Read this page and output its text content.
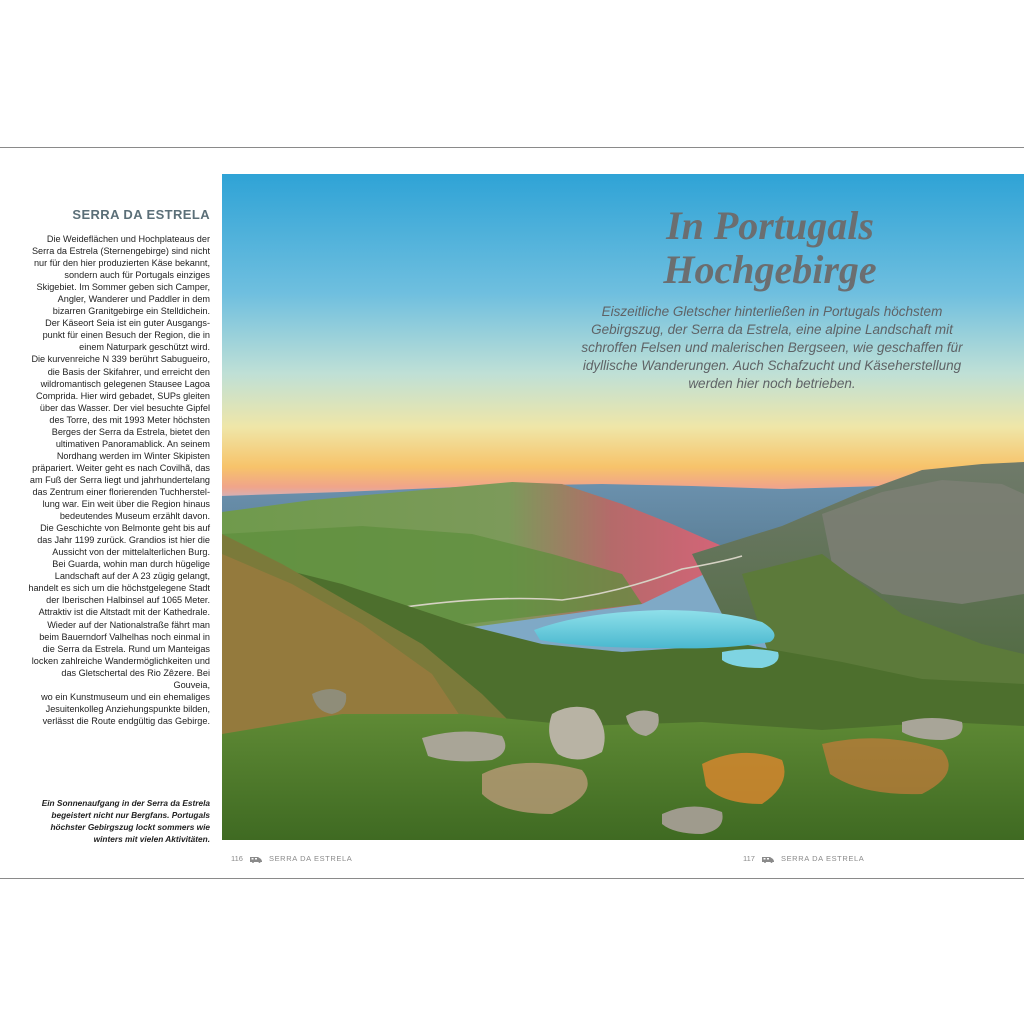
SERRA DA ESTRELA
Die Weideflächen und Hochplateaus der
Serra da Estrela (Sternengebirge) sind nicht
nur für den hier produzierten Käse bekannt,
sondern auch für Portugals einziges
Skigebiet. Im Sommer geben sich Camper,
Angler, Wanderer und Paddler in dem
bizarren Granitgebirge ein Stelldichein.
Der Käseort Seia ist ein guter Ausgangs-
punkt für einen Besuch der Region, die in
einem Naturpark geschützt wird.
Die kurvenreiche N 339 berührt Sabugueiro,
die Basis der Skifahrer, und erreicht den
wildromantisch gelegenen Stausee Lagoa
Comprida. Hier wird gebadet, SUPs gleiten
über das Wasser. Der viel besuchte Gipfel
des Torre, des mit 1993 Meter höchsten
Berges der Serra da Estrela, bietet den
ultimativen Panoramablick. An seinem
Nordhang werden im Winter Skipisten
präpariert. Weiter geht es nach Covilhã, das
am Fuß der Serra liegt und jahrhundertelang
das Zentrum einer florierenden Tuchherstel-
lung war. Ein weit über die Region hinaus
bedeutendes Museum erzählt davon.
Die Geschichte von Belmonte geht bis auf
das Jahr 1199 zurück. Grandios ist hier die
Aussicht von der mittelalterlichen Burg.
Bei Guarda, wohin man durch hügelige
Landschaft auf der A 23 zügig gelangt,
handelt es sich um die höchstgelegene Stadt
der Iberischen Halbinsel auf 1065 Meter.
Attraktiv ist die Altstadt mit der Kathedrale.
Wieder auf der Nationalstraße fährt man
beim Bauerndorf Valhelhas noch einmal in
die Serra da Estrela. Rund um Manteigas
locken zahlreiche Wandermöglichkeiten und
das Gletschertal des Rio Zêzere. Bei Gouveia,
wo ein Kunstmuseum und ein ehemaliges
Jesuitenkolleg Anziehungspunkte bilden,
verlässt die Route endgültig das Gebirge.
Ein Sonnenaufgang in der Serra da Estrela
begeistert nicht nur Bergfans. Portugals
höchster Gebirgszug lockt sommers wie
winters mit vielen Aktivitäten.
In Portugals
Hochgebirge
Eiszeitliche Gletscher hinterließen in Portugals höchstem
Gebirgszug, der Serra da Estrela, eine alpine Landschaft mit
schroffen Felsen und malerischen Bergseen, wie geschaffen für
idyllische Wanderungen. Auch Schafzucht und Käseherstellung
werden hier noch betrieben.
116	SERRA DA ESTRELA	117	SERRA DA ESTRELA
